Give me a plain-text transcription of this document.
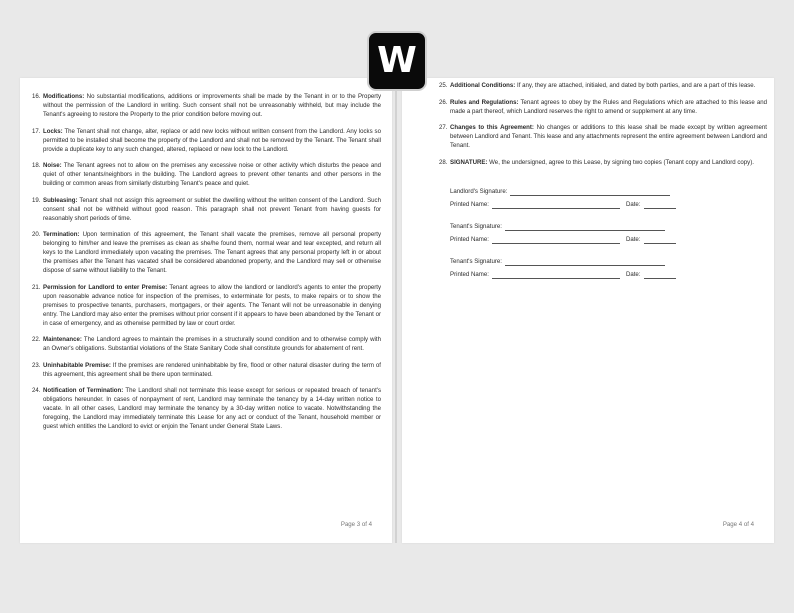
16. Modifications: No substantial modifications, additions or improvements shall be made by the Tenant in or to the Property without the permission of the Landlord in writing. Such consent shall not be unreasonably withheld, but may include the Tenant's agreeing to restore the Property to the prior condition before moving out.
17. Locks: The Tenant shall not change, alter, replace or add new locks without written consent from the Landlord. Any locks so permitted to be installed shall become the property of the Landlord and shall not be removed by the Tenant. The Tenant shall provide a duplicate key to any such changed, altered, replaced or new lock to the Landlord.
18. Noise: The Tenant agrees not to allow on the premises any excessive noise or other activity which disturbs the peace and quiet of other tenants/neighbors in the building. The Landlord agrees to prevent other tenants and other persons in the building or common areas from similarly disturbing Tenant's peace and quiet.
19. Subleasing: Tenant shall not assign this agreement or sublet the dwelling without the written consent of the Landlord. Such consent shall not be withheld without good reason. This paragraph shall not prevent Tenant from having guests for reasonably short periods of time.
20. Termination: Upon termination of this agreement, the Tenant shall vacate the premises, remove all personal property belonging to him/her and leave the premises as clean as she/he found them, normal wear and tear excepted, and return all keys to the Landlord immediately upon vacating the premises. The Tenant agrees that any personal property left in or about the premises after the Tenant has vacated shall be considered abandoned property, and the Landlord may sell or otherwise dispose of same without liability to the Tenant.
21. Permission for Landlord to enter Premise: Tenant agrees to allow the landlord or landlord's agents to enter the property upon reasonable advance notice for inspection of the premises, to exterminate for pests, to make repairs or to show the premises to prospective tenants, purchasers, mortgagers, or their agents. The Tenant will not be unreasonable in denying entry. The Landlord may also enter the premises without prior consent if it appears to have been abandoned by the Tenant or in case of emergency, and as otherwise permitted by law or court order.
22. Maintenance: The Landlord agrees to maintain the premises in a structurally sound condition and to otherwise comply with an Owner's obligations. Substantial violations of the State Sanitary Code shall constitute grounds for abatement of rent.
23. Uninhabitable Premise: If the premises are rendered uninhabitable by fire, flood or other natural disaster during the term of this agreement, this agreement shall be there upon terminated.
24. Notification of Termination: The Landlord shall not terminate this lease except for serious or repeated breach of tenant's obligations hereunder. In cases of nonpayment of rent, Landlord may terminate the tenancy by a 14-day written notice to vacate. In all other cases, Landlord may terminate the tenancy by a 30-day written notice to vacate. Notwithstanding the foregoing, the Landlord may immediately terminate this Lease for any act or conduct of the Tenant, household member or guest which entitles the Landlord to evict or enjoin the Tenant under General State Laws.
Page 3 of 4
25. Additional Conditions: If any, they are attached, initialed, and dated by both parties, and are a part of this lease.
26. Rules and Regulations: Tenant agrees to obey by the Rules and Regulations which are attached to this lease and made a part thereof, which Landlord reserves the right to amend or supplement at any time.
27. Changes to this Agreement: No changes or additions to this lease shall be made except by written agreement between Landlord and Tenant. This lease and any attachments represent the entire agreement between Landlord and Tenant.
28. SIGNATURE: We, the undersigned, agree to this Lease, by signing two copies (Tenant copy and Landlord copy).
Landlord's Signature:
Printed Name:	Date:
Tenant's Signature:
Printed Name:	Date:
Tenant's Signature:
Printed Name:	Date:
Page 4 of 4
W
